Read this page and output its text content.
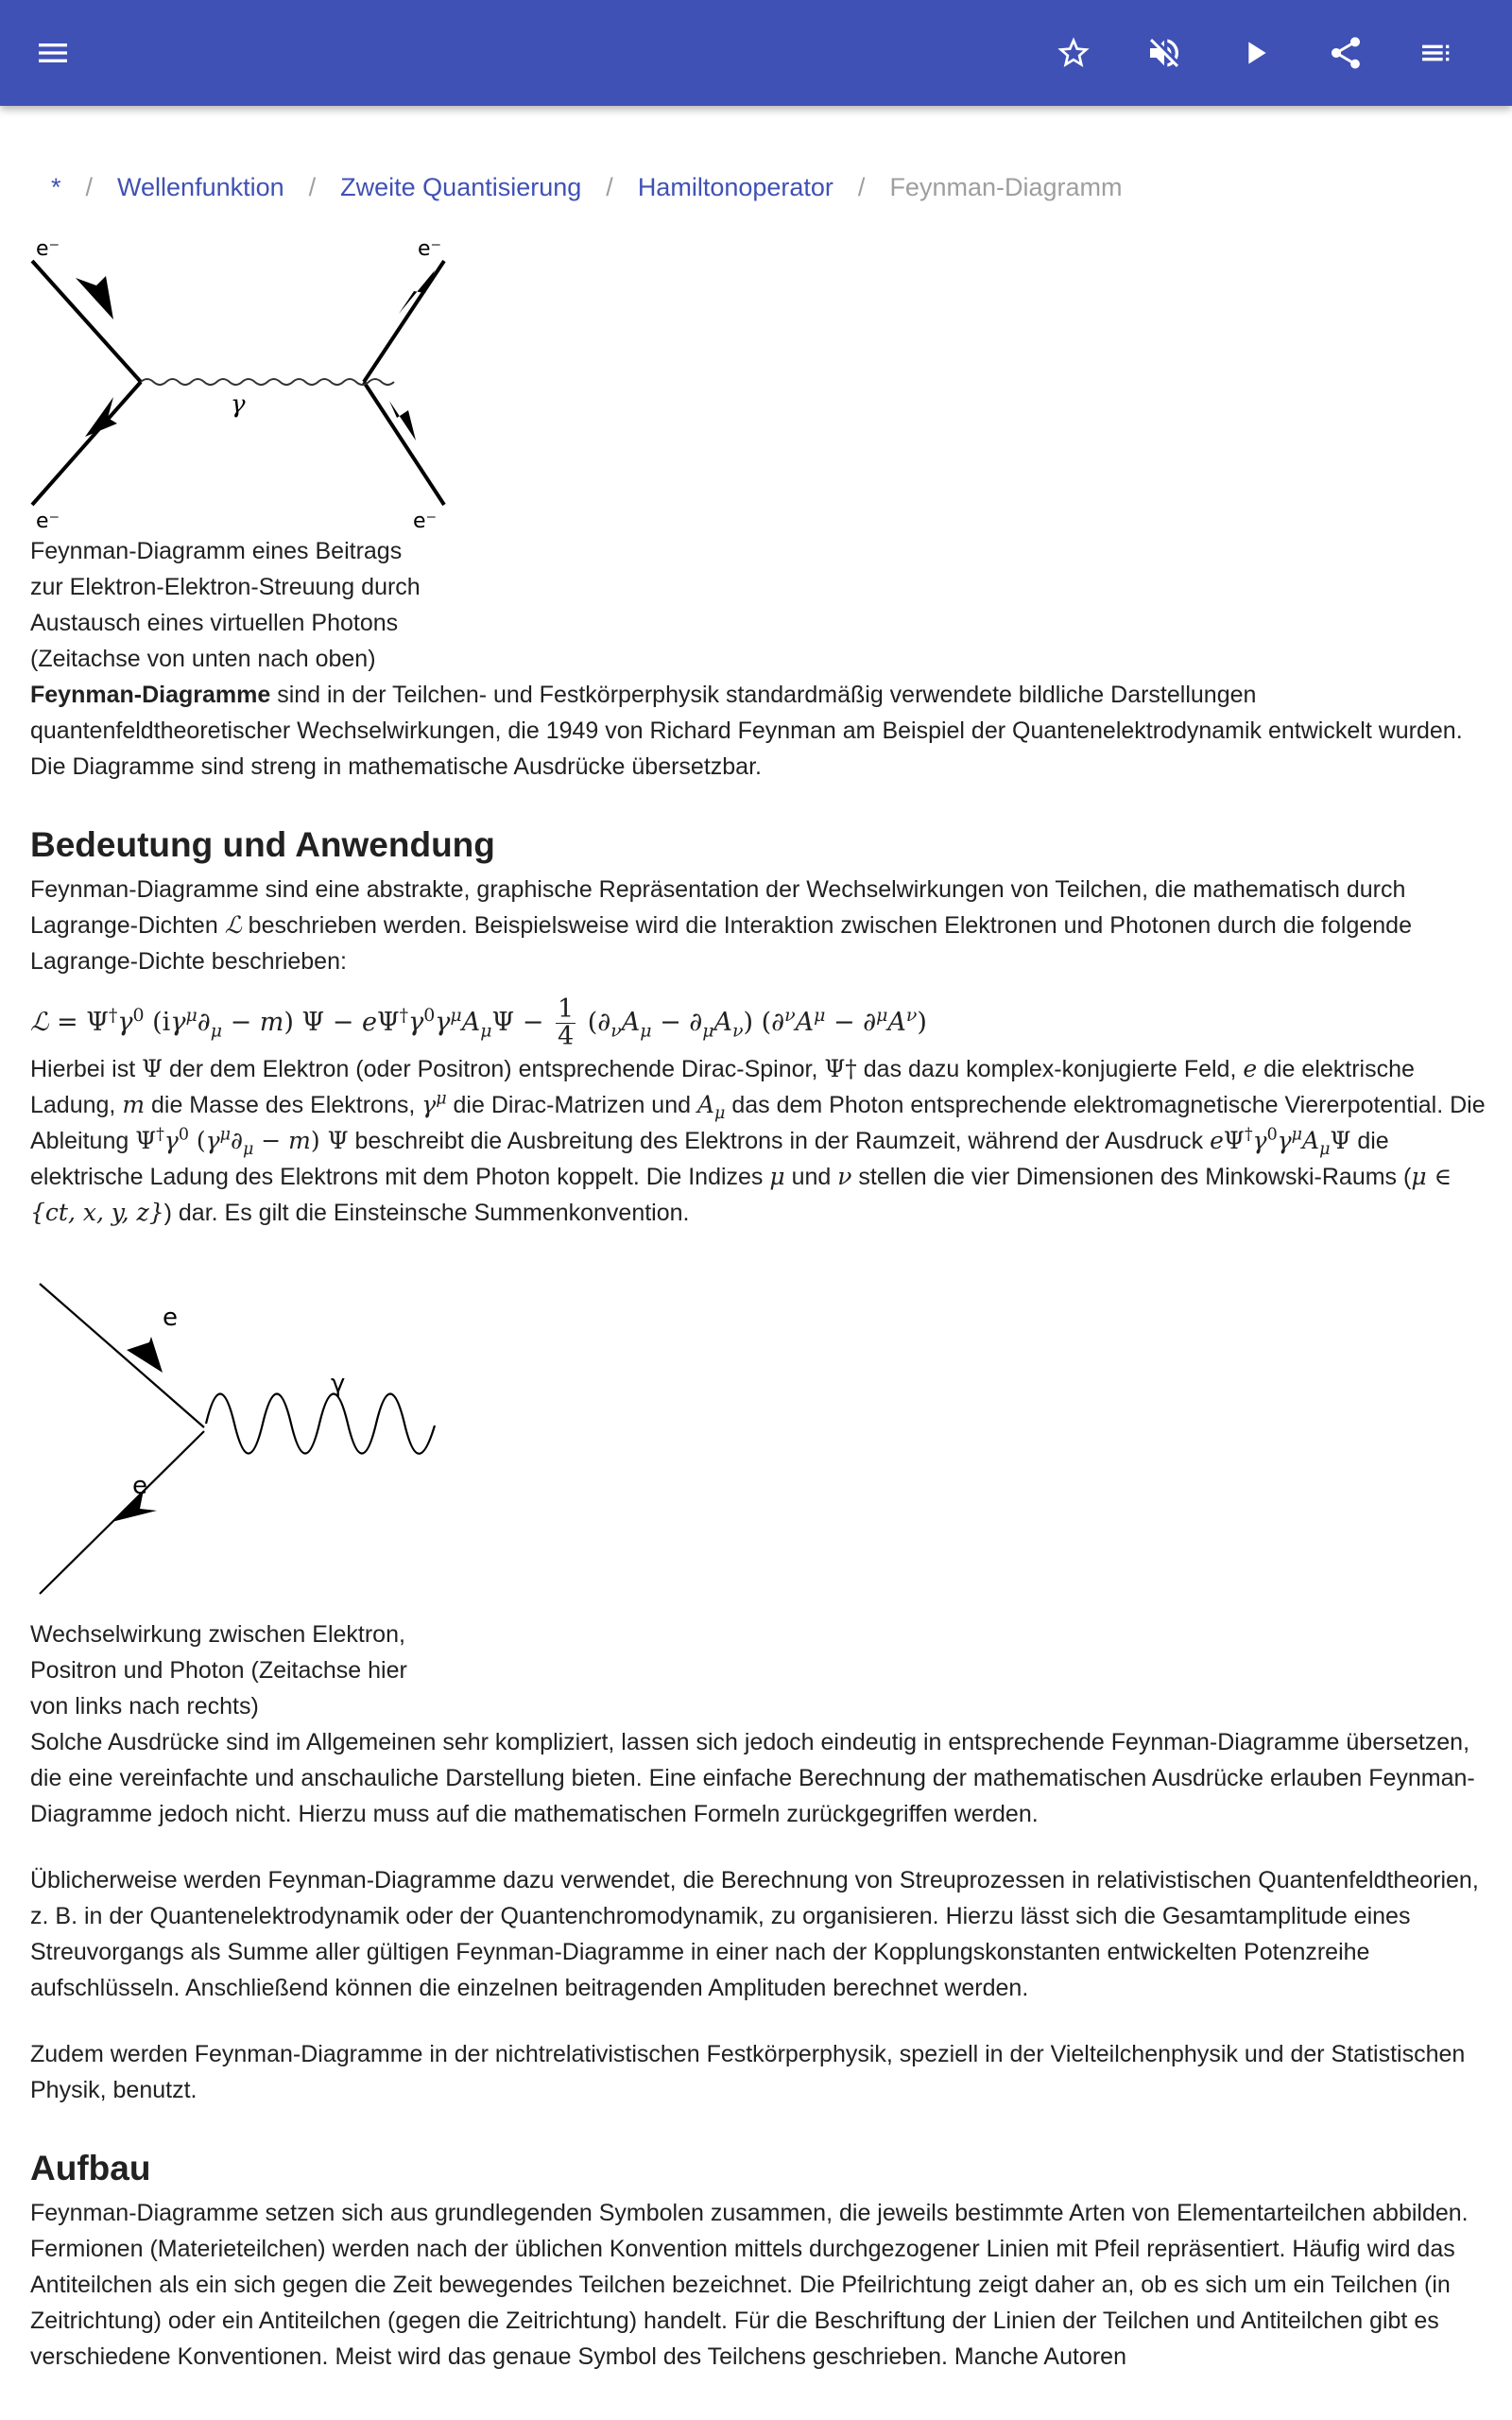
* / Wellenfunktion / Zweite Quantisierung / Hamiltonoperator / Feynman-Diagramm
e⁻	e⁻
e⁻	e⁻
γ
Feynman-Diagramm eines Beitrags
zur Elektron-Elektron-Streuung durch
Austausch eines virtuellen Photons
(Zeitachse von unten nach oben)

Feynman-Diagramme sind in der Teilchen- und Festkörperphysik standardmäßig verwendete bildliche Darstellungen quantenfeldtheoretischer Wechselwirkungen, die 1949 von Richard Feynman am Beispiel der Quantenelektrodynamik entwickelt wurden. Die Diagramme sind streng in mathematische Ausdrücke übersetzbar.

Bedeutung und Anwendung

Feynman-Diagramme sind eine abstrakte, graphische Repräsentation der Wechselwirkungen von Teilchen, die mathematisch durch Lagrange-Dichten ℒ beschrieben werden. Beispielsweise wird die Interaktion zwischen Elektronen und Photonen durch die folgende Lagrange-Dichte beschrieben:

ℒ = $\Psi^\dagger\gamma^0$ $(i\gamma^\mu\partial_\mu - m) \Psi - e\Psi^\dagger\gamma^0\gamma^\mu A_\mu\Psi - \frac{1}{4} (\partial_\nu A_\mu - \partial_\mu A_\nu) (\partial^\nu A^\mu - \partial^\mu A^\nu)$

Hierbei ist Ψ der dem Elektron (oder Positron) entsprechende Dirac-Spinor, Ψ† das dazu komplex-konjugierte Feld, e die elektrische Ladung, m die Masse des Elektrons, $\gamma^\mu$ die Dirac-Matrizen und $A_\mu$ das dem Photon entsprechende elektromagnetische Viererpotential. Die Ableitung $\Psi^\dagger\gamma^0$ $(\gamma^\mu\partial_\mu - m)$ Ψ beschreibt die Ausbreitung des Elektrons in der Raumzeit, während der Ausdruck $e\Psi^\dagger\gamma^0\gamma^\mu A_\mu\Psi$ die elektrische Ladung des Elektrons mit dem Photon koppelt. Die Indizes μ und ν stellen die vier Dimensionen des Minkowski-Raums (μ ∈ {ct, x, y, z}) dar. Es gilt die Einsteinsche Summenkonvention.

e
e
γ
Wechselwirkung zwischen Elektron,
Positron und Photon (Zeitachse hier
von links nach rechts)

Solche Ausdrücke sind im Allgemeinen sehr kompliziert, lassen sich jedoch eindeutig in entsprechende Feynman-Diagramme übersetzen, die eine vereinfachte und anschauliche Darstellung bieten. Eine einfache Berechnung der mathematischen Ausdrücke erlauben Feynman-Diagramme jedoch nicht. Hierzu muss auf die mathematischen Formeln zurückgegriffen werden.

Üblicherweise werden Feynman-Diagramme dazu verwendet, die Berechnung von Streuprozessen in relativistischen Quantenfeldtheorien, z. B. in der Quantenelektrodynamik oder der Quantenchromodynamik, zu organisieren. Hierzu lässt sich die Gesamtamplitude eines Streuvorgangs als Summe aller gültigen Feynman-Diagramme in einer nach der Kopplungskonstanten entwickelten Potenzreihe aufschlüsseln. Anschließend können die einzelnen beitragenden Amplituden berechnet werden.

Zudem werden Feynman-Diagramme in der nichtrelativistischen Festkörperphysik, speziell in der Vielteilchenphysik und der Statistischen Physik, benutzt.

Aufbau

Feynman-Diagramme setzen sich aus grundlegenden Symbolen zusammen, die jeweils bestimmte Arten von Elementarteilchen abbilden. Fermionen (Materieteilchen) werden nach der üblichen Konvention mittels durchgezogener Linien mit Pfeil repräsentiert. Häufig wird das Antiteilchen als ein sich gegen die Zeit bewegendes Teilchen bezeichnet. Die Pfeilrichtung zeigt daher an, ob es sich um ein Teilchen (in Zeitrichtung) oder ein Antiteilchen (gegen die Zeitrichtung) handelt. Für die Beschriftung der Linien der Teilchen und Antiteilchen gibt es verschiedene Konventionen. Meist wird das genaue Symbol des Teilchens geschrieben. Manche Autoren
